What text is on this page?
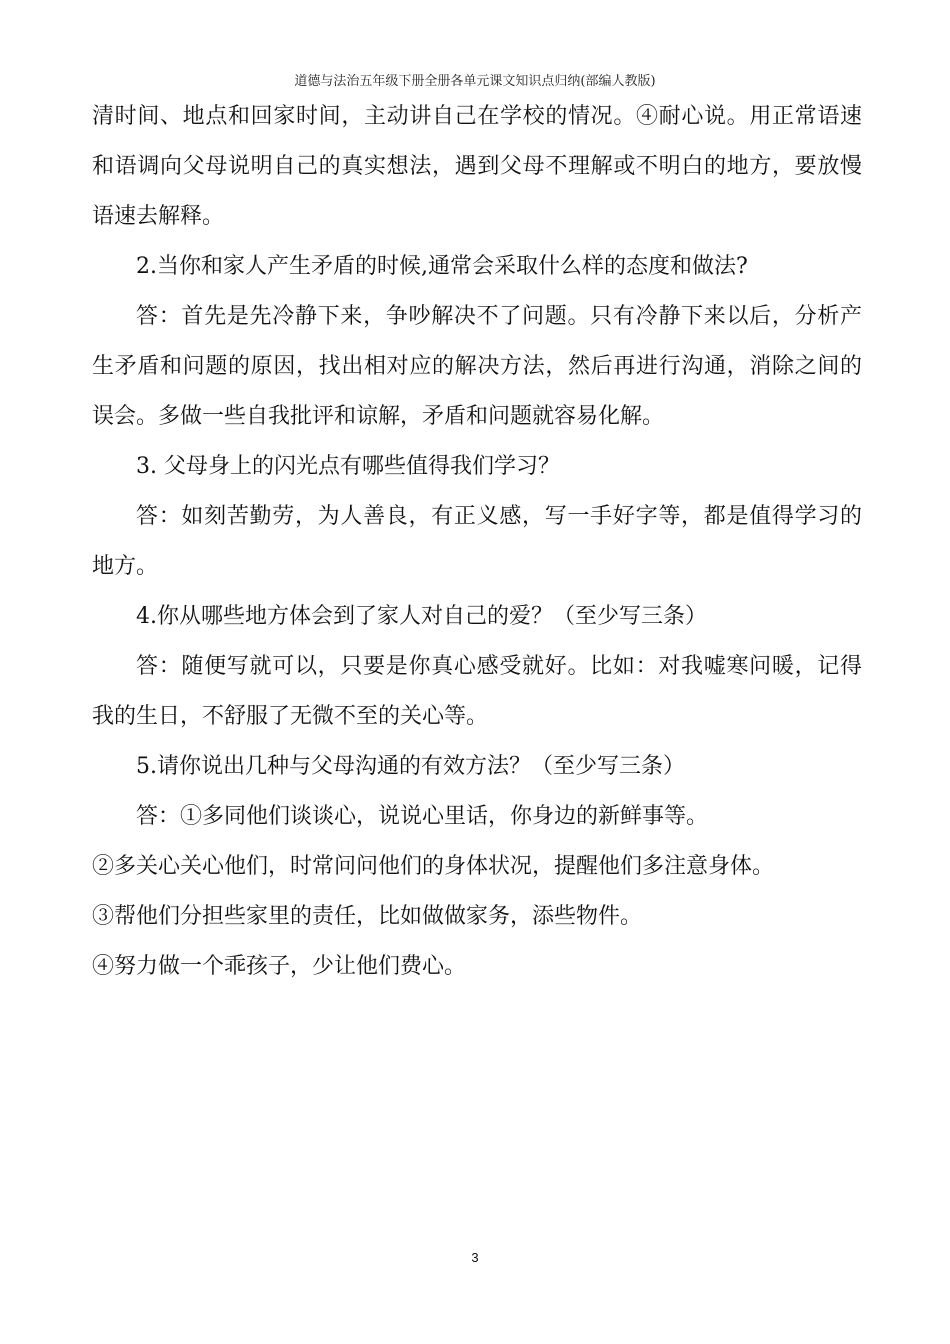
道德与法治五年级下册全册各单元课文知识点归纳(部编人教版)
清时间、地点和回家时间，主动讲自己在学校的情况。④耐心说。用正常语速
和语调向父母说明自己的真实想法，遇到父母不理解或不明白的地方，要放慢
语速去解释。
2.当你和家人产生矛盾的时候,通常会采取什么样的态度和做法?
答：首先是先冷静下来，争吵解决不了问题。只有冷静下来以后，分析产
生矛盾和问题的原因，找出相对应的解决方法，然后再进行沟通，消除之间的
误会。多做一些自我批评和谅解，矛盾和问题就容易化解。
3. 父母身上的闪光点有哪些值得我们学习？
答：如刻苦勤劳，为人善良，有正义感，写一手好字等，都是值得学习的
地方。
4.你从哪些地方体会到了家人对自己的爱？（至少写三条）
答：随便写就可以，只要是你真心感受就好。比如：对我嘘寒问暖，记得
我的生日，不舒服了无微不至的关心等。
5.请你说出几种与父母沟通的有效方法？（至少写三条）
答：①多同他们谈谈心，说说心里话，你身边的新鲜事等。
②多关心关心他们，时常问问他们的身体状况，提醒他们多注意身体。
③帮他们分担些家里的责任，比如做做家务，添些物件。
④努力做一个乖孩子，少让他们费心。
3
